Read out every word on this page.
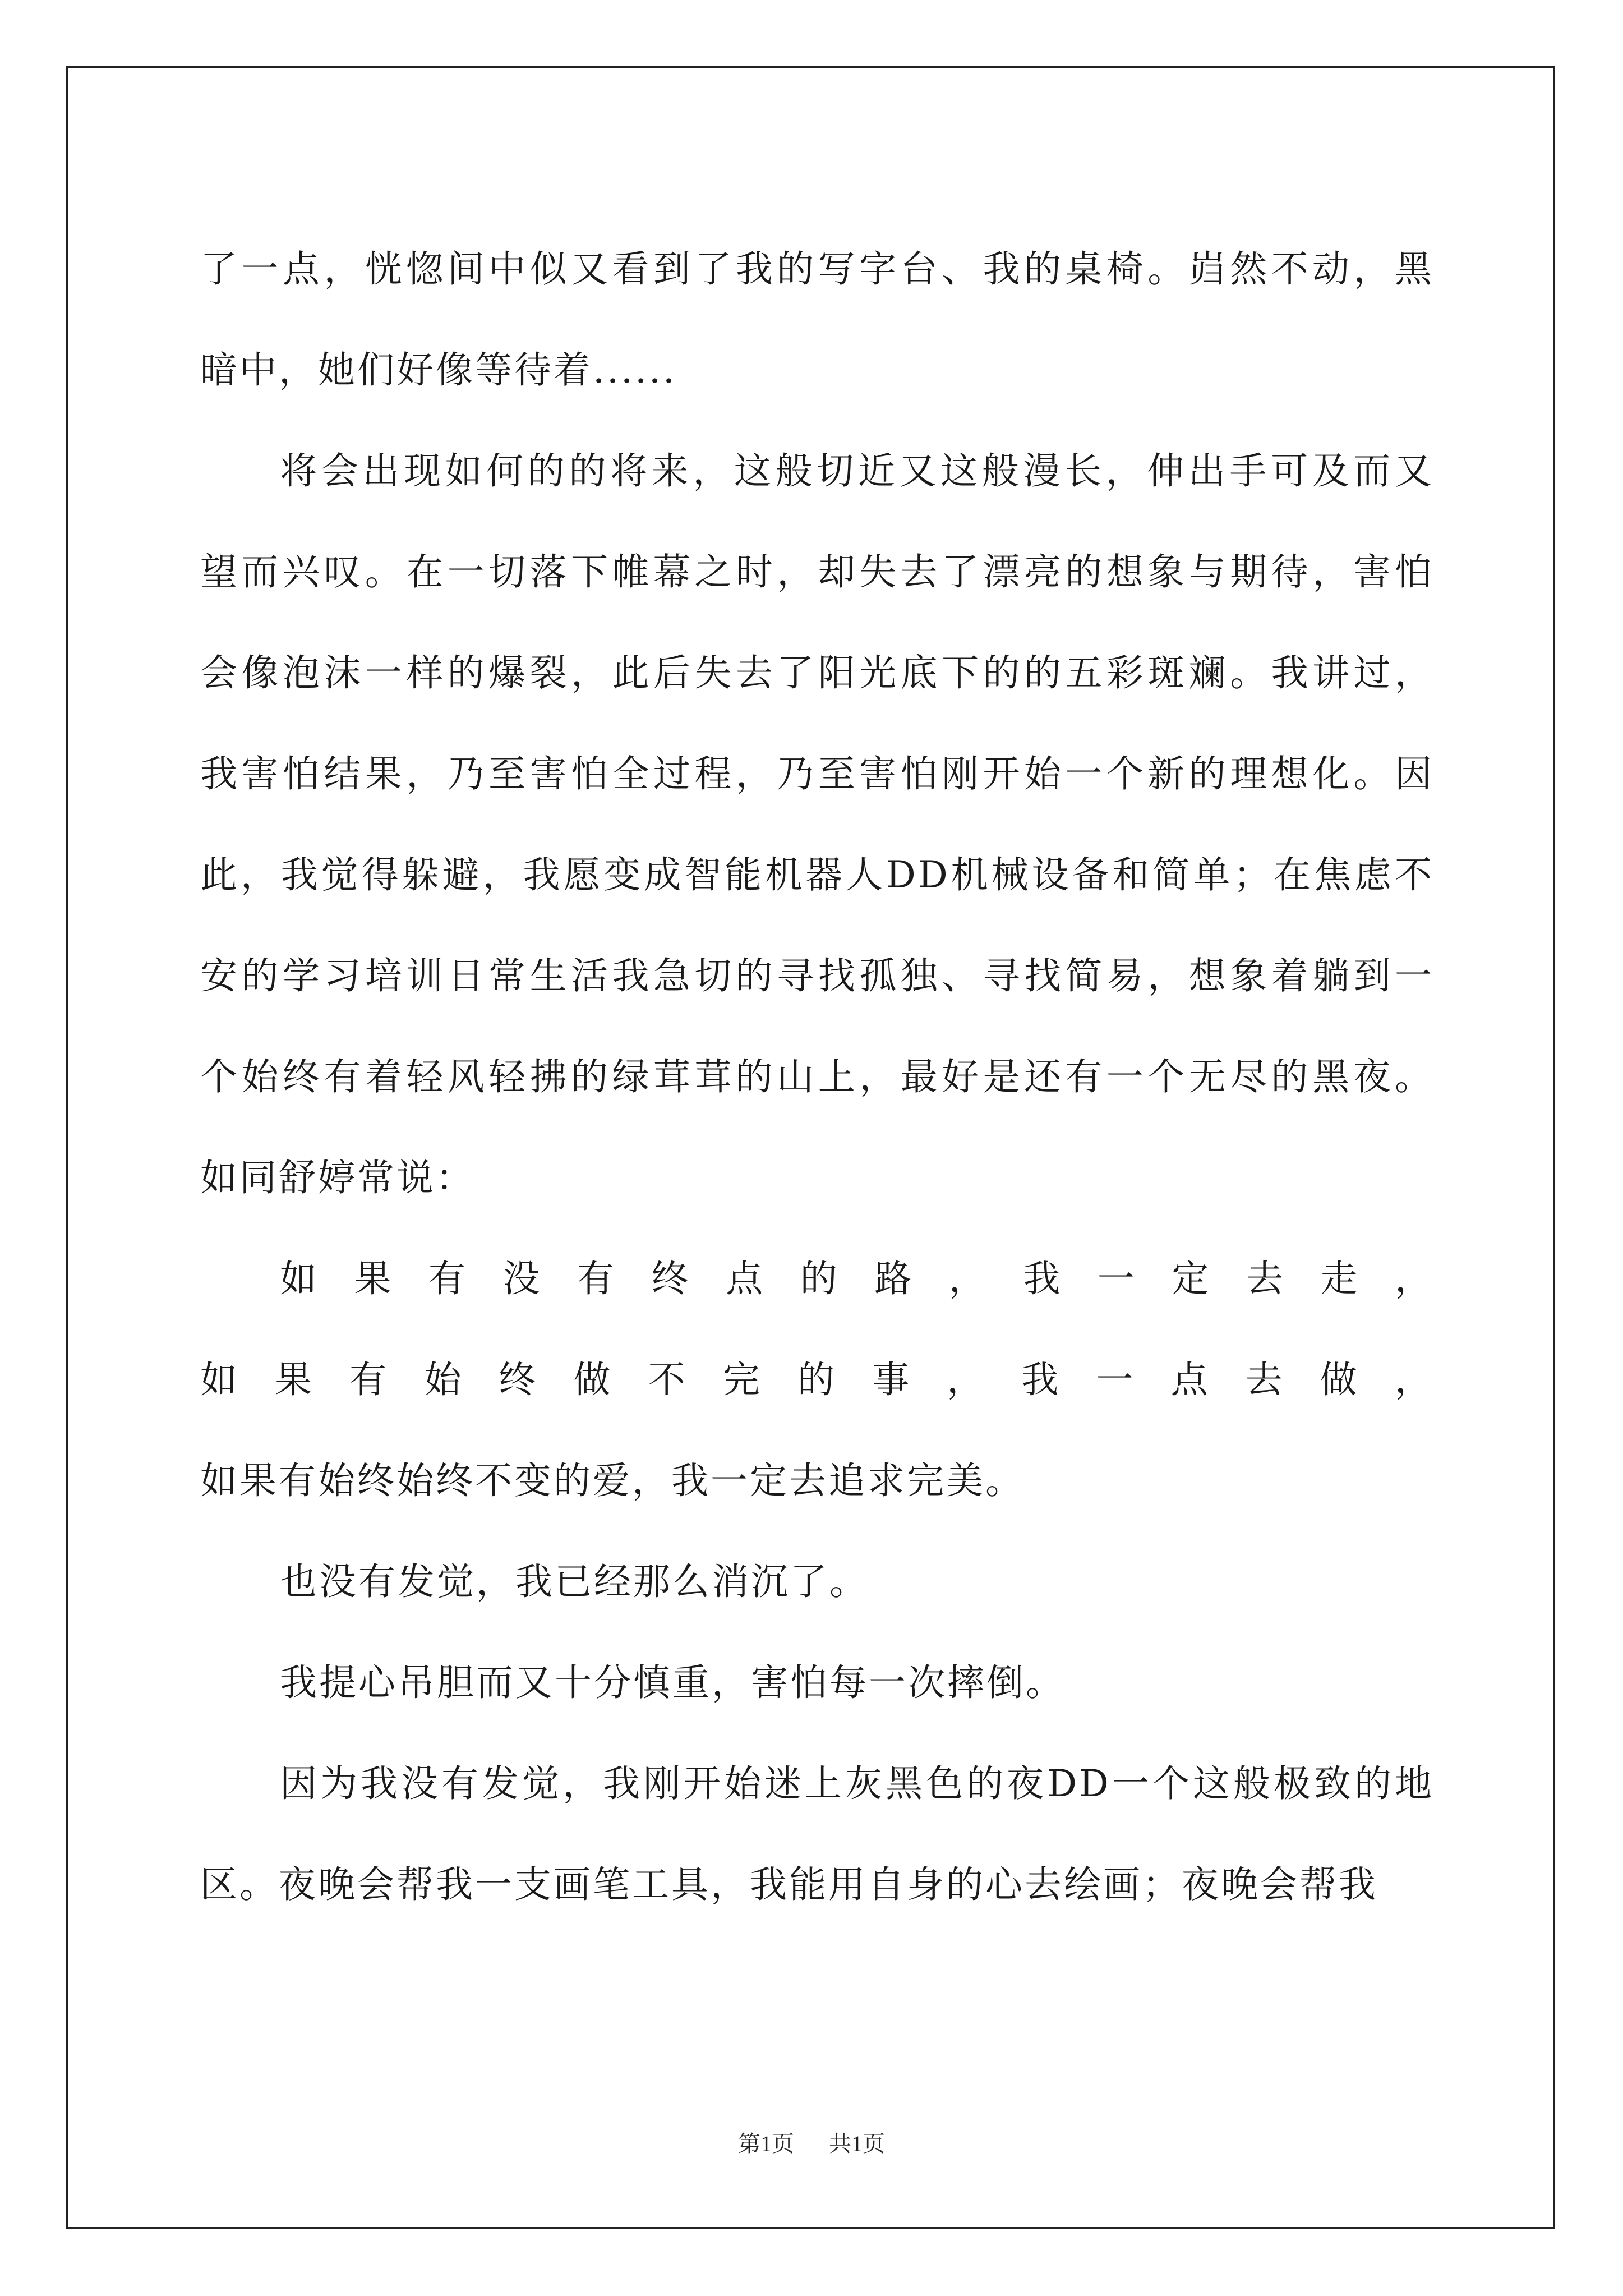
了一点，恍惚间中似又看到了我的写字台、我的桌椅。岿然不动，黑
暗中，她们好像等待着......
将会出现如何的的将来，这般切近又这般漫长，伸出手可及而又
望而兴叹。在一切落下帷幕之时，却失去了漂亮的想象与期待，害怕
会像泡沫一样的爆裂，此后失去了阳光底下的的五彩斑斓。我讲过，
我害怕结果，乃至害怕全过程，乃至害怕刚开始一个新的理想化。因
此，我觉得躲避，我愿变成智能机器人DD机械设备和简单；在焦虑不
安的学习培训日常生活我急切的寻找孤独、寻找简易，想象着躺到一
个始终有着轻风轻拂的绿茸茸的山上，最好是还有一个无尽的黑夜。
如同舒婷常说：
如果有没有终点的路，我一定去走，
如果有始终做不完的事，我一点去做，
如果有始终始终不变的爱，我一定去追求完美。
也没有发觉，我已经那么消沉了。
我提心吊胆而又十分慎重，害怕每一次摔倒。
因为我没有发觉，我刚开始迷上灰黑色的夜DD一个这般极致的地
区。夜晚会帮我一支画笔工具，我能用自身的心去绘画；夜晚会帮我
第1页 共1页
